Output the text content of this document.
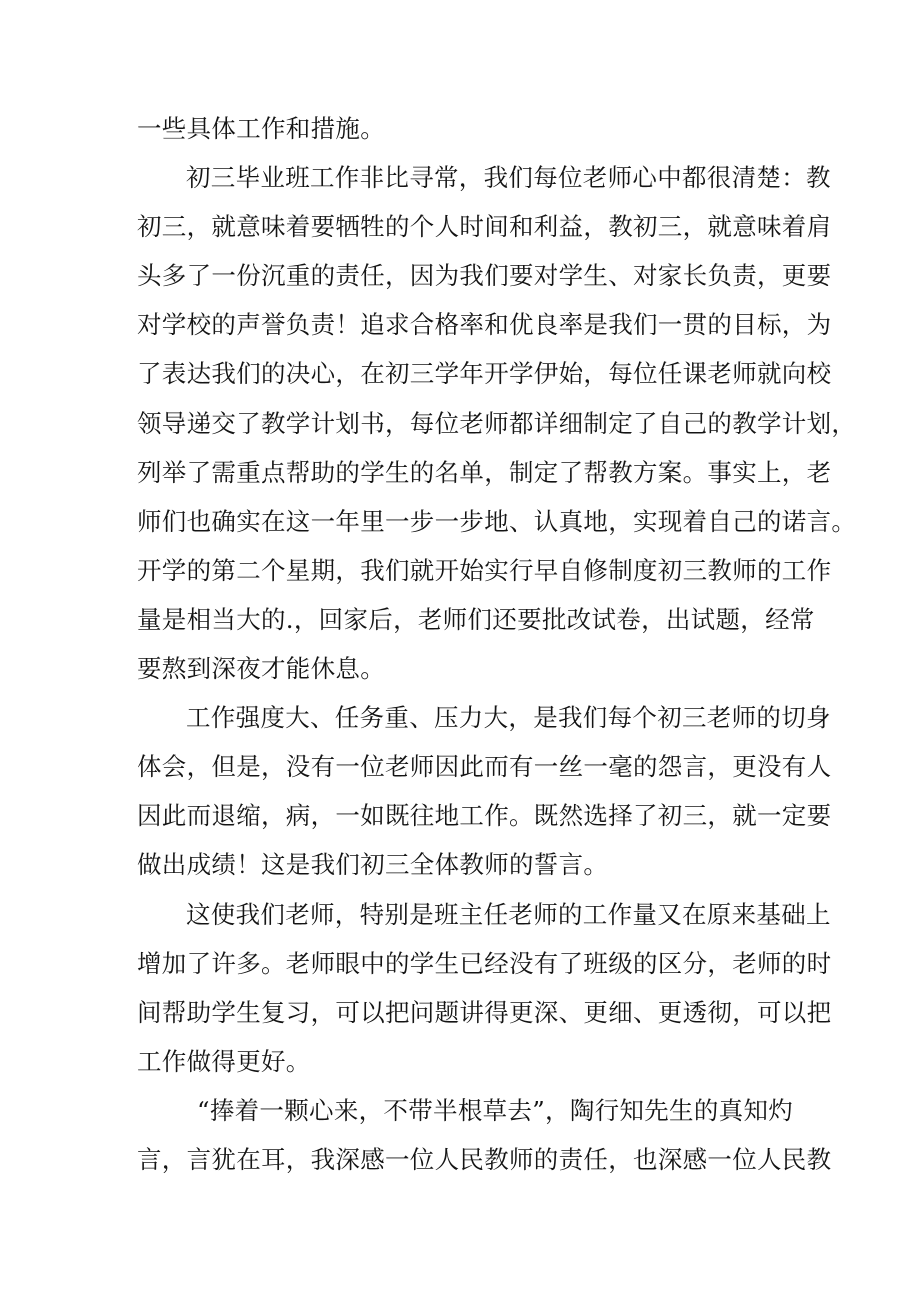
一些具体工作和措施。
初三毕业班工作非比寻常，我们每位老师心中都很清楚：教
初三，就意味着要牺牲的个人时间和利益，教初三，就意味着肩
头多了一份沉重的责任，因为我们要对学生、对家长负责，更要
对学校的声誉负责！追求合格率和优良率是我们一贯的目标，为
了表达我们的决心，在初三学年开学伊始，每位任课老师就向校
领导递交了教学计划书，每位老师都详细制定了自己的教学计划，
列举了需重点帮助的学生的名单，制定了帮教方案。事实上，老
师们也确实在这一年里一步一步地、认真地，实现着自己的诺言。
开学的第二个星期，我们就开始实行早自修制度初三教师的工作
量是相当大的.，回家后，老师们还要批改试卷，出试题，经常
要熬到深夜才能休息。
工作强度大、任务重、压力大，是我们每个初三老师的切身
体会，但是，没有一位老师因此而有一丝一毫的怨言，更没有人
因此而退缩，病，一如既往地工作。既然选择了初三，就一定要
做出成绩！这是我们初三全体教师的誓言。
这使我们老师，特别是班主任老师的工作量又在原来基础上
增加了许多。老师眼中的学生已经没有了班级的区分，老师的时
间帮助学生复习，可以把问题讲得更深、更细、更透彻，可以把
工作做得更好。
“捧着一颗心来，不带半根草去”，陶行知先生的真知灼
言，言犹在耳，我深感一位人民教师的责任，也深感一位人民教
